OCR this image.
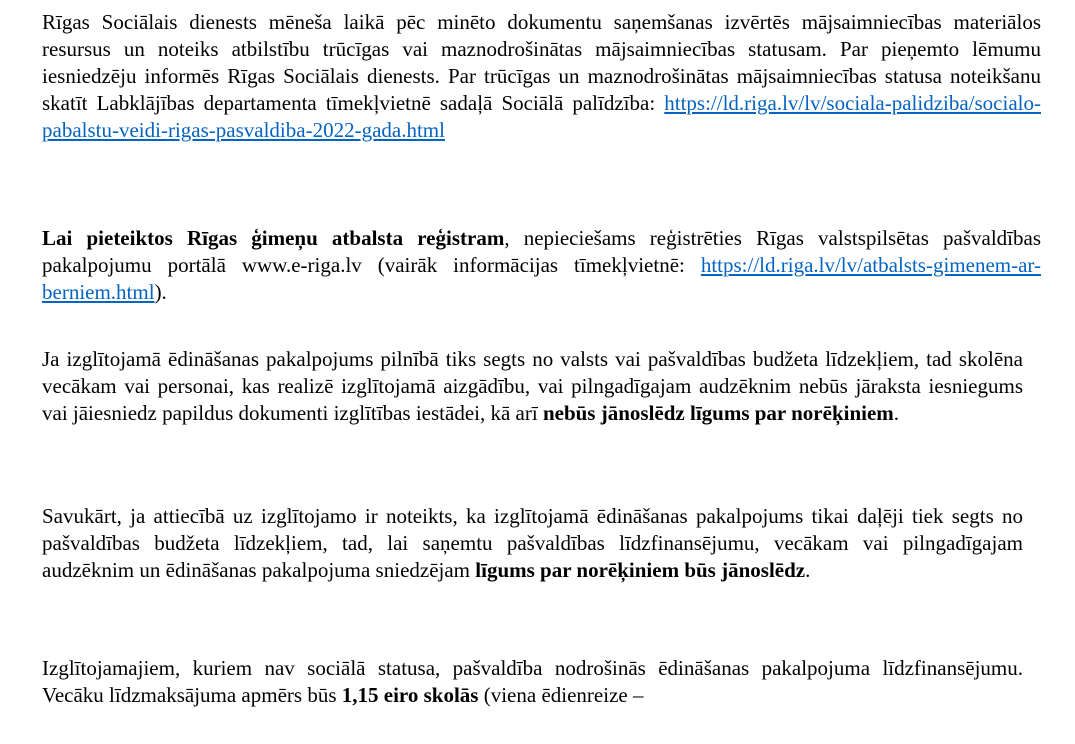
Rīgas Sociālais dienests mēneša laikā pēc minēto dokumentu saņemšanas izvērtēs mājsaimniecības materiālos resursus un noteiks atbilstību trūcīgas vai maznodrošinātas mājsaimniecības statusam. Par pieņemto lēmumu iesniedzēju informēs Rīgas Sociālais dienests. Par trūcīgas un maznodrošinātas mājsaimniecības statusa noteikšanu skatīt Labklājības departamenta tīmekļvietnē sadaļā Sociālā palīdzība: https://ld.riga.lv/lv/sociala-palidziba/socialo-pabalstu-veidi-rigas-pasvaldiba-2022-gada.html

Lai pieteiktos Rīgas ģimeņu atbalsta reģistram, nepieciešams reģistrēties Rīgas valstspilsētas pašvaldības pakalpojumu portālā www.e-riga.lv (vairāk informācijas tīmekļvietnē: https://ld.riga.lv/lv/atbalsts-gimenem-ar-berniem.html).

Ja izglītojamā ēdināšanas pakalpojums pilnībā tiks segts no valsts vai pašvaldības budžeta līdzekļiem, tad skolēna vecākam vai personai, kas realizē izglītojamā aizgādību, vai pilngadīgajam audzēknim nebūs jāraksta iesniegums vai jāiesniedz papildus dokumenti izglītības iestādei, kā arī nebūs jānoslēdz līgums par norēķiniem.

Savukārt, ja attiecībā uz izglītojamo ir noteikts, ka izglītojamā ēdināšanas pakalpojums tikai daļēji tiek segts no pašvaldības budžeta līdzekļiem, tad, lai saņemtu pašvaldības līdzfinansējumu, vecākam vai pilngadīgajam audzēknim un ēdināšanas pakalpojuma sniedzējam līgums par norēķiniem būs jānoslēdz.

Izglītojamajiem, kuriem nav sociālā statusa, pašvaldība nodrošinās ēdināšanas pakalpojuma līdzfinansējumu. Vecāku līdzmaksājuma apmērs būs 1,15 eiro skolās (viena ēdienreize –
